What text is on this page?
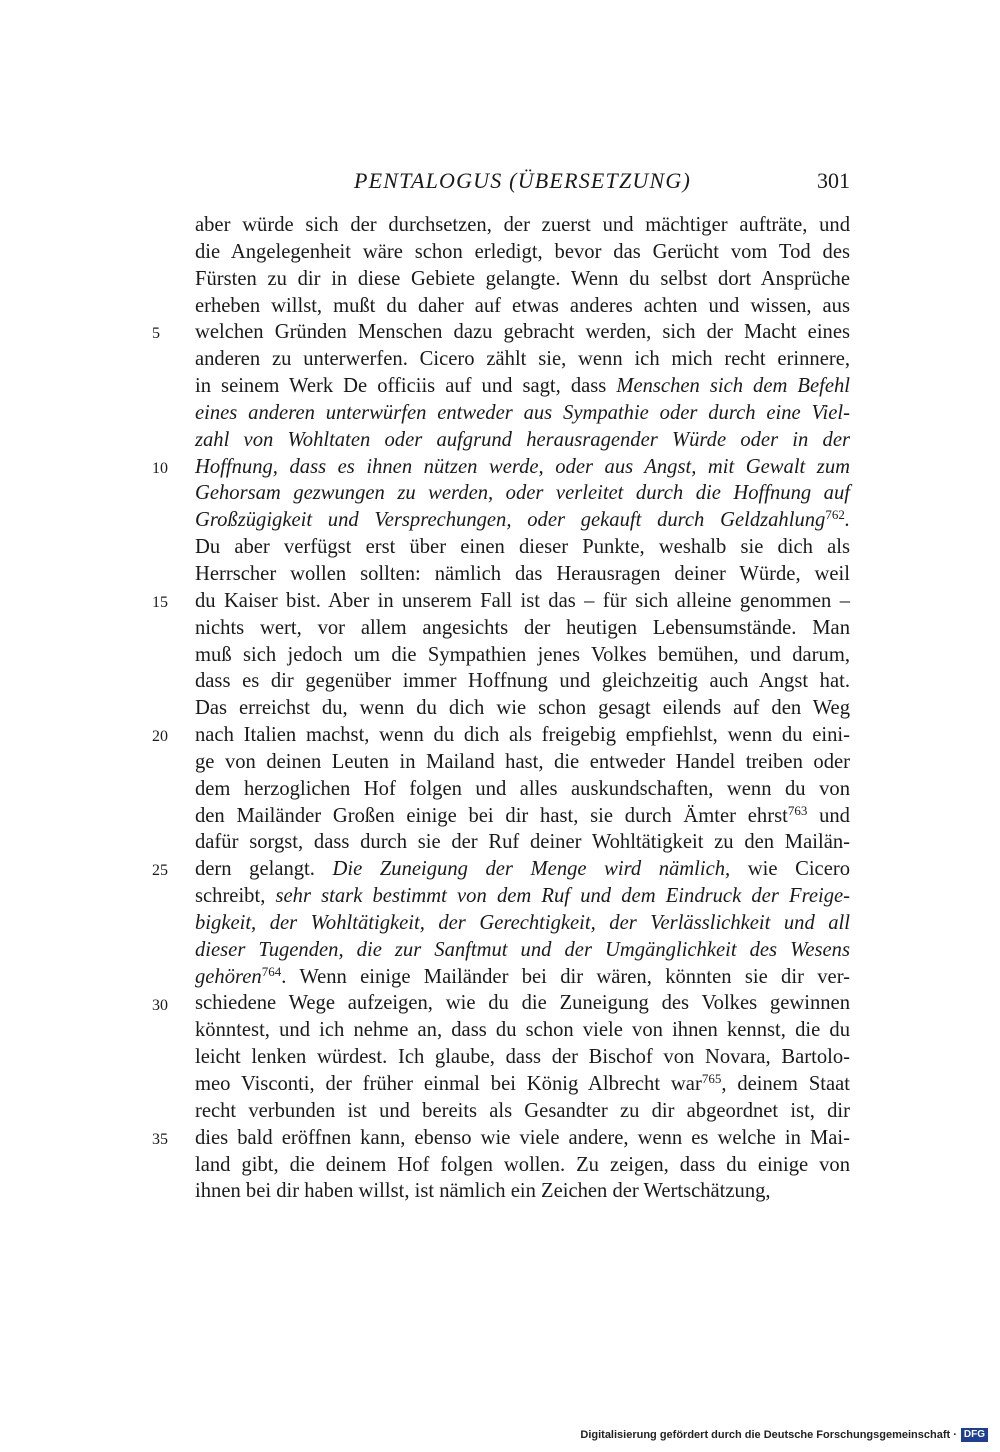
PENTALOGUS (ÜBERSETZUNG)	301
5
10
15
20
25
30
35
aber würde sich der durchsetzen, der zuerst und mächtiger aufträte, und
die Angelegenheit wäre schon erledigt, bevor das Gerücht vom Tod des
Fürsten zu dir in diese Gebiete gelangte. Wenn du selbst dort Ansprüche
erheben willst, mußt du daher auf etwas anderes achten und wissen, aus
welchen Gründen Menschen dazu gebracht werden, sich der Macht eines
anderen zu unterwerfen. Cicero zählt sie, wenn ich mich recht erinnere,
in seinem Werk De officiis auf und sagt, dass Menschen sich dem Befehl
eines anderen unterwürfen entweder aus Sympathie oder durch eine Viel-
zahl von Wohltaten oder aufgrund herausragender Würde oder in der
Hoffnung, dass es ihnen nützen werde, oder aus Angst, mit Gewalt zum
Gehorsam gezwungen zu werden, oder verleitet durch die Hoffnung auf
Großzügigkeit und Versprechungen, oder gekauft durch Geldzahlung$^{762}$.
Du aber verfügst erst über einen dieser Punkte, weshalb sie dich als
Herrscher wollen sollten: nämlich das Herausragen deiner Würde, weil
du Kaiser bist. Aber in unserem Fall ist das – für sich alleine genommen –
nichts wert, vor allem angesichts der heutigen Lebensumstände. Man
muß sich jedoch um die Sympathien jenes Volkes bemühen, und darum,
dass es dir gegenüber immer Hoffnung und gleichzeitig auch Angst hat.
Das erreichst du, wenn du dich wie schon gesagt eilends auf den Weg
nach Italien machst, wenn du dich als freigebig empfiehlst, wenn du eini-
ge von deinen Leuten in Mailand hast, die entweder Handel treiben oder
dem herzoglichen Hof folgen und alles auskundschaften, wenn du von
den Mailänder Großen einige bei dir hast, sie durch Ämter ehrst$^{763}$ und
dafür sorgst, dass durch sie der Ruf deiner Wohltätigkeit zu den Mailän-
dern gelangt. Die Zuneigung der Menge wird nämlich, wie Cicero
schreibt, sehr stark bestimmt von dem Ruf und dem Eindruck der Freige-
bigkeit, der Wohltätigkeit, der Gerechtigkeit, der Verlässlichkeit und all
dieser Tugenden, die zur Sanftmut und der Umgänglichkeit des Wesens
gehören$^{764}$. Wenn einige Mailänder bei dir wären, könnten sie dir ver-
schiedene Wege aufzeigen, wie du die Zuneigung des Volkes gewinnen
könntest, und ich nehme an, dass du schon viele von ihnen kennst, die du
leicht lenken würdest. Ich glaube, dass der Bischof von Novara, Bartolo-
meo Visconti, der früher einmal bei König Albrecht war$^{765}$, deinem Staat
recht verbunden ist und bereits als Gesandter zu dir abgeordnet ist, dir
dies bald eröffnen kann, ebenso wie viele andere, wenn es welche in Mai-
land gibt, die deinem Hof folgen wollen. Zu zeigen, dass du einige von
ihnen bei dir haben willst, ist nämlich ein Zeichen der Wertschätzung,
Digitalisierung gefördert durch die Deutsche Forschungsgemeinschaft · DFG
